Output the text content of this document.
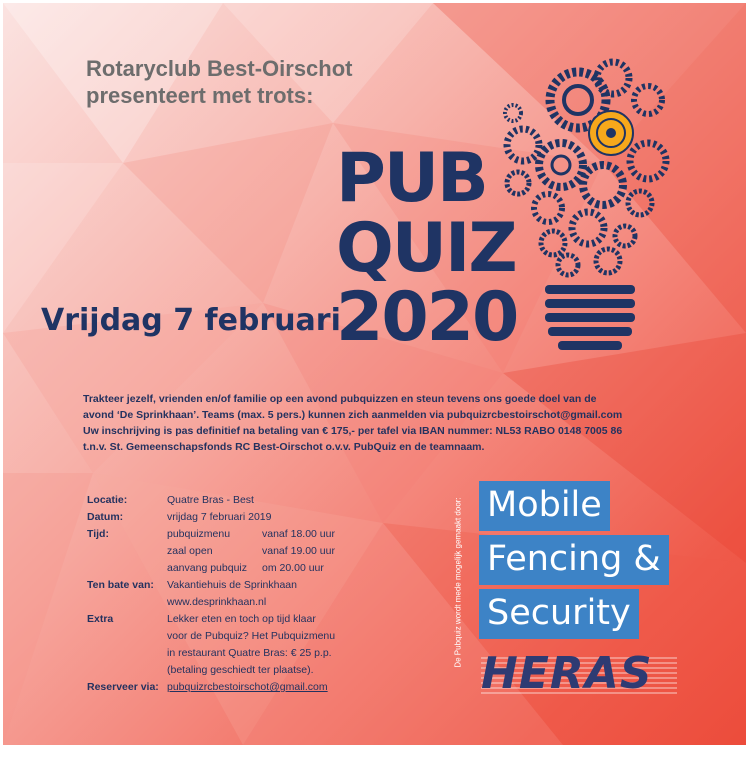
Rotaryclub Best-Oirschot
presenteert met trots:
PUB
QUIZ
2020
Vrijdag 7 februari
Trakteer jezelf, vrienden en/of familie op een avond pubquizzen en steun tevens ons goede doel van de
avond ‘De Sprinkhaan’. Teams (max. 5 pers.) kunnen zich aanmelden via pubquizrcbestoirschot@gmail.com
Uw inschrijving is pas definitief na betaling van € 175,- per tafel via IBAN nummer: NL53 RABO 0148 7005 86
t.n.v. St. Gemeenschapsfonds RC Best-Oirschot o.v.v. PubQuiz en de teamnaam.
Locatie:	Quatre Bras - Best
Datum:	vrijdag 7 februari 2019
Tijd:	pubquizmenu	vanaf 18.00 uur
zaal open	vanaf 19.00 uur
aanvang pubquiz om 20.00 uur
Ten bate van: Vakantiehuis de Sprinkhaan
www.desprinkhaan.nl
Extra	Lekker eten en toch op tijd klaar
voor de Pubquiz? Het Pubquizmenu
in restaurant Quatre Bras: € 25 p.p.
(betaling geschiedt ter plaatse).
Reserveer via: pubquizrcbestoirschot@gmail.com
De Pubquiz wordt mede mogelijk gemaakt door: Mobile
Fencing &
Security
HERAS
